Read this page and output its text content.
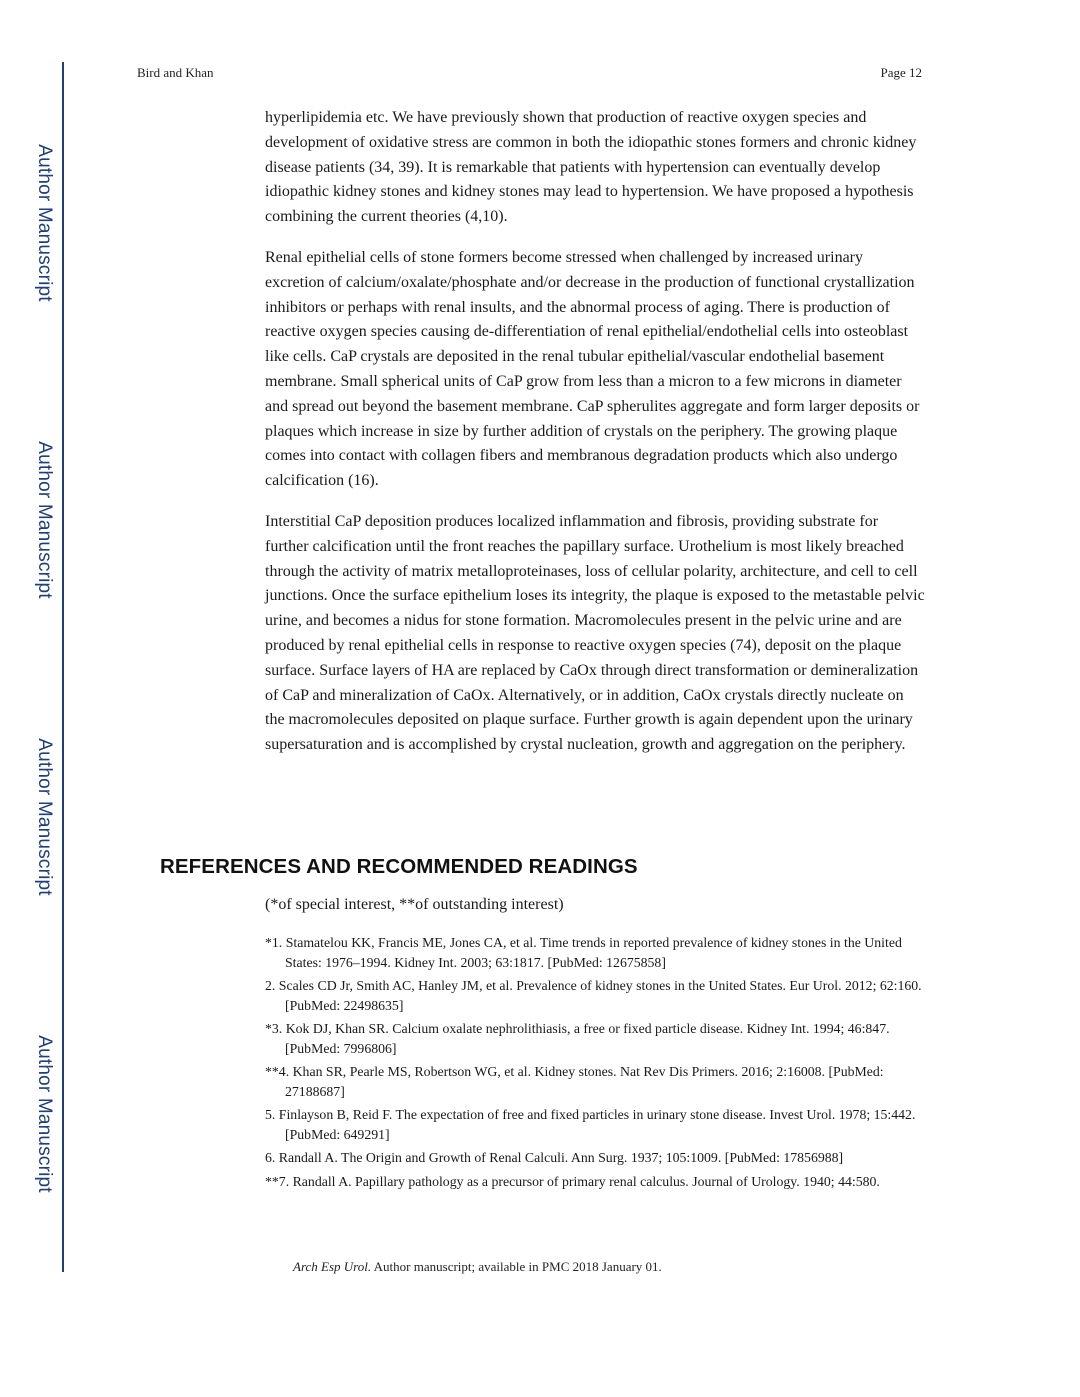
Author Manuscript
Author Manuscript
Author Manuscript
Author Manuscript
Bird and Khan	Page 12

hyperlipidemia etc. We have previously shown that production of reactive oxygen species and development of oxidative stress are common in both the idiopathic stones formers and chronic kidney disease patients (34, 39). It is remarkable that patients with hypertension can eventually develop idiopathic kidney stones and kidney stones may lead to hypertension. We have proposed a hypothesis combining the current theories (4,10).

Renal epithelial cells of stone formers become stressed when challenged by increased urinary excretion of calcium/oxalate/phosphate and/or decrease in the production of functional crystallization inhibitors or perhaps with renal insults, and the abnormal process of aging. There is production of reactive oxygen species causing de-differentiation of renal epithelial/endothelial cells into osteoblast like cells. CaP crystals are deposited in the renal tubular epithelial/vascular endothelial basement membrane. Small spherical units of CaP grow from less than a micron to a few microns in diameter and spread out beyond the basement membrane. CaP spherulites aggregate and form larger deposits or plaques which increase in size by further addition of crystals on the periphery. The growing plaque comes into contact with collagen fibers and membranous degradation products which also undergo calcification (16).

Interstitial CaP deposition produces localized inflammation and fibrosis, providing substrate for further calcification until the front reaches the papillary surface. Urothelium is most likely breached through the activity of matrix metalloproteinases, loss of cellular polarity, architecture, and cell to cell junctions. Once the surface epithelium loses its integrity, the plaque is exposed to the metastable pelvic urine, and becomes a nidus for stone formation. Macromolecules present in the pelvic urine and are produced by renal epithelial cells in response to reactive oxygen species (74), deposit on the plaque surface. Surface layers of HA are replaced by CaOx through direct transformation or demineralization of CaP and mineralization of CaOx. Alternatively, or in addition, CaOx crystals directly nucleate on the macromolecules deposited on plaque surface. Further growth is again dependent upon the urinary supersaturation and is accomplished by crystal nucleation, growth and aggregation on the periphery.

REFERENCES AND RECOMMENDED READINGS
(*of special interest, **of outstanding interest)
*1. Stamatelou KK, Francis ME, Jones CA, et al. Time trends in reported prevalence of kidney stones in the United States: 1976–1994. Kidney Int. 2003; 63:1817. [PubMed: 12675858]
2. Scales CD Jr, Smith AC, Hanley JM, et al. Prevalence of kidney stones in the United States. Eur Urol. 2012; 62:160. [PubMed: 22498635]
*3. Kok DJ, Khan SR. Calcium oxalate nephrolithiasis, a free or fixed particle disease. Kidney Int. 1994; 46:847. [PubMed: 7996806]
**4. Khan SR, Pearle MS, Robertson WG, et al. Kidney stones. Nat Rev Dis Primers. 2016; 2:16008. [PubMed: 27188687]
5. Finlayson B, Reid F. The expectation of free and fixed particles in urinary stone disease. Invest Urol. 1978; 15:442. [PubMed: 649291]
6. Randall A. The Origin and Growth of Renal Calculi. Ann Surg. 1937; 105:1009. [PubMed: 17856988]
**7. Randall A. Papillary pathology as a precursor of primary renal calculus. Journal of Urology. 1940; 44:580.
Arch Esp Urol. Author manuscript; available in PMC 2018 January 01.
